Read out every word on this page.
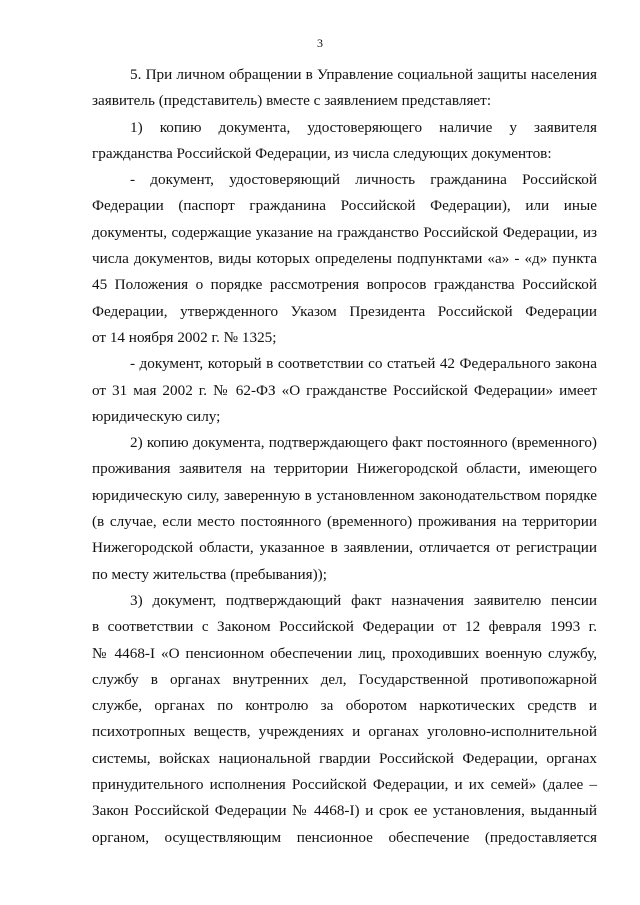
3
5. При личном обращении в Управление социальной защиты населения
заявитель (представитель) вместе с заявлением представляет:
1) копию документа, удостоверяющего наличие у заявителя
гражданства Российской Федерации, из числа следующих документов:
- документ, удостоверяющий личность гражданина Российской
Федерации (паспорт гражданина Российской Федерации), или иные
документы, содержащие указание на гражданство Российской Федерации, из
числа документов, виды которых определены подпунктами «а» - «д» пункта
45 Положения о порядке рассмотрения вопросов гражданства Российской
Федерации, утвержденного Указом Президента Российской Федерации
от 14 ноября 2002 г. № 1325;
- документ, который в соответствии со статьей 42 Федерального закона
от 31 мая 2002 г. № 62-ФЗ «О гражданстве Российской Федерации» имеет
юридическую силу;
2) копию документа, подтверждающего факт постоянного (временного)
проживания заявителя на территории Нижегородской области, имеющего
юридическую силу, заверенную в установленном законодательством порядке
(в случае, если место постоянного (временного) проживания на территории
Нижегородской области, указанное в заявлении, отличается от регистрации
по месту жительства (пребывания));
3) документ, подтверждающий факт назначения заявителю пенсии
в соответствии с Законом Российской Федерации от 12 февраля 1993 г.
№ 4468-I «О пенсионном обеспечении лиц, проходивших военную службу,
службу в органах внутренних дел, Государственной противопожарной
службе, органах по контролю за оборотом наркотических средств и
психотропных веществ, учреждениях и органах уголовно-исполнительной
системы, войсках национальной гвардии Российской Федерации, органах
принудительного исполнения Российской Федерации, и их семей» (далее –
Закон Российской Федерации № 4468-I) и срок ее установления, выданный
органом, осуществляющим пенсионное обеспечение (предоставляется
